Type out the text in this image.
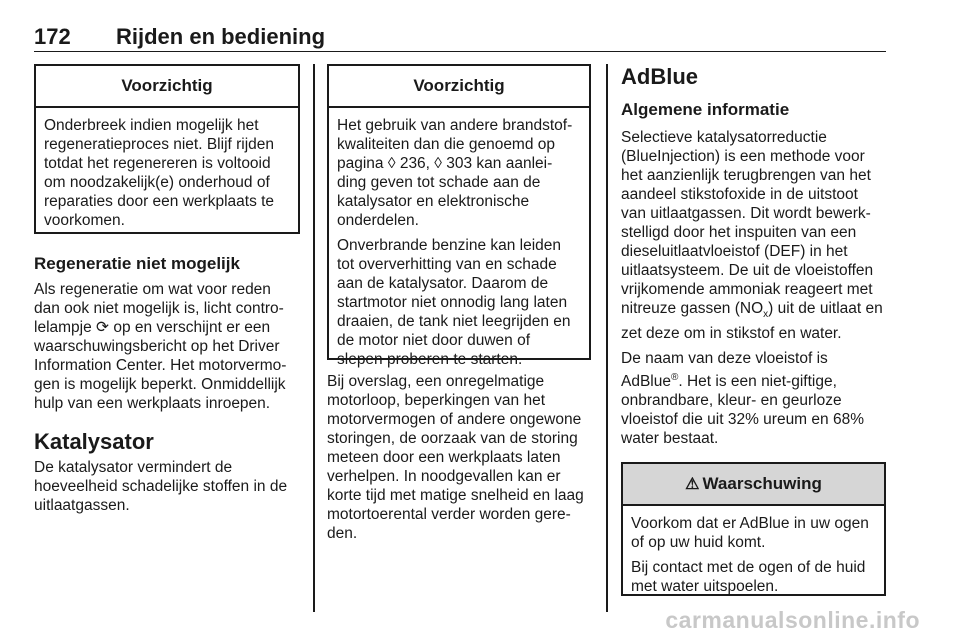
172 Rijden en bediening
Voorzichtig

Onderbreek indien mogelijk het
regeneratieproces niet. Blijf rijden
totdat het regenereren is voltooid
om noodzakelijk(e) onderhoud of
reparaties door een werkplaats te
voorkomen.

Regeneratie niet mogelijk
Als regeneratie om wat voor reden
dan ook niet mogelijk is, licht contro-
lelampje ⟳ op en verschijnt er een
waarschuwingsbericht op het Driver
Information Center. Het motorvermo-
gen is mogelijk beperkt. Onmiddellijk
hulp van een werkplaats inroepen.
Katalysator
De katalysator vermindert de
hoeveelheid schadelijke stoffen in de
uitlaatgassen.
Voorzichtig

Het gebruik van andere brandstof-
kwaliteiten dan die genoemd op
pagina ◊ 236, ◊ 303 kan aanlei-
ding geven tot schade aan de
katalysator en elektronische
onderdelen.

Onverbrande benzine kan leiden
tot oververhitting van en schade
aan de katalysator. Daarom de
startmotor niet onnodig lang laten
draaien, de tank niet leegrijden en
de motor niet door duwen of
slepen proberen te starten.

Bij overslag, een onregelmatige
motorloop, beperkingen van het
motorvermogen of andere ongewone
storingen, de oorzaak van de storing
meteen door een werkplaats laten
verhelpen. In noodgevallen kan er
korte tijd met matige snelheid en laag
motortoerental verder worden gere-
den.
AdBlue
Algemene informatie
Selectieve katalysatorreductie
(BlueInjection) is een methode voor
het aanzienlijk terugbrengen van het
aandeel stikstofoxide in de uitstoot
van uitlaatgassen. Dit wordt bewerk-
stelligd door het inspuiten van een
dieseluitlaatvloeistof (DEF) in het
uitlaatsysteem. De uit de vloeistoffen
vrijkomende ammoniak reageert met
nitreuze gassen $(NO_x)$ uit de uitlaat en
zet deze om in stikstof en water.
De naam van deze vloeistof is
AdBlue®. Het is een niet-giftige,
onbrandbare, kleur- en geurloze
vloeistof die uit 32% ureum en 68%
water bestaat.
⚠ Waarschuwing

Voorkom dat er AdBlue in uw ogen
of op uw huid komt.

Bij contact met de ogen of de huid
met water uitspoelen.

carmanualsonline.info
